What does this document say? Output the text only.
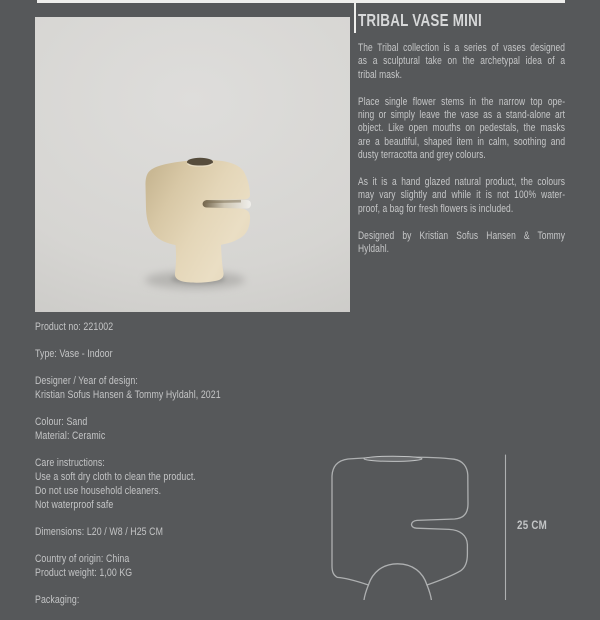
TRIBAL VASE MINI
The Tribal collection is a series of vases designed
as a sculptural take on the archetypal idea of a
tribal mask.
Place single flower stems in the narrow top ope-
ning or simply leave the vase as a stand-alone art
object. Like open mouths on pedestals, the masks
are a beautiful, shaped item in calm, soothing and
dusty terracotta and grey colours.
As it is a hand glazed natural product, the colours
may vary slightly and while it is not 100% water-
proof, a bag for fresh flowers is included.
Designed by Kristian Sofus Hansen & Tommy
Hyldahl.
Product no: 221002
Type: Vase - Indoor
Designer / Year of design:
Kristian Sofus Hansen & Tommy Hyldahl, 2021
Colour: Sand
Material: Ceramic
Care instructions:
Use a soft dry cloth to clean the product.
Do not use household cleaners.
Not waterproof safe
Dimensions: L20 / W8 / H25 CM
Country of origin: China
Product weight: 1,00 KG
Packaging:
25 CM
